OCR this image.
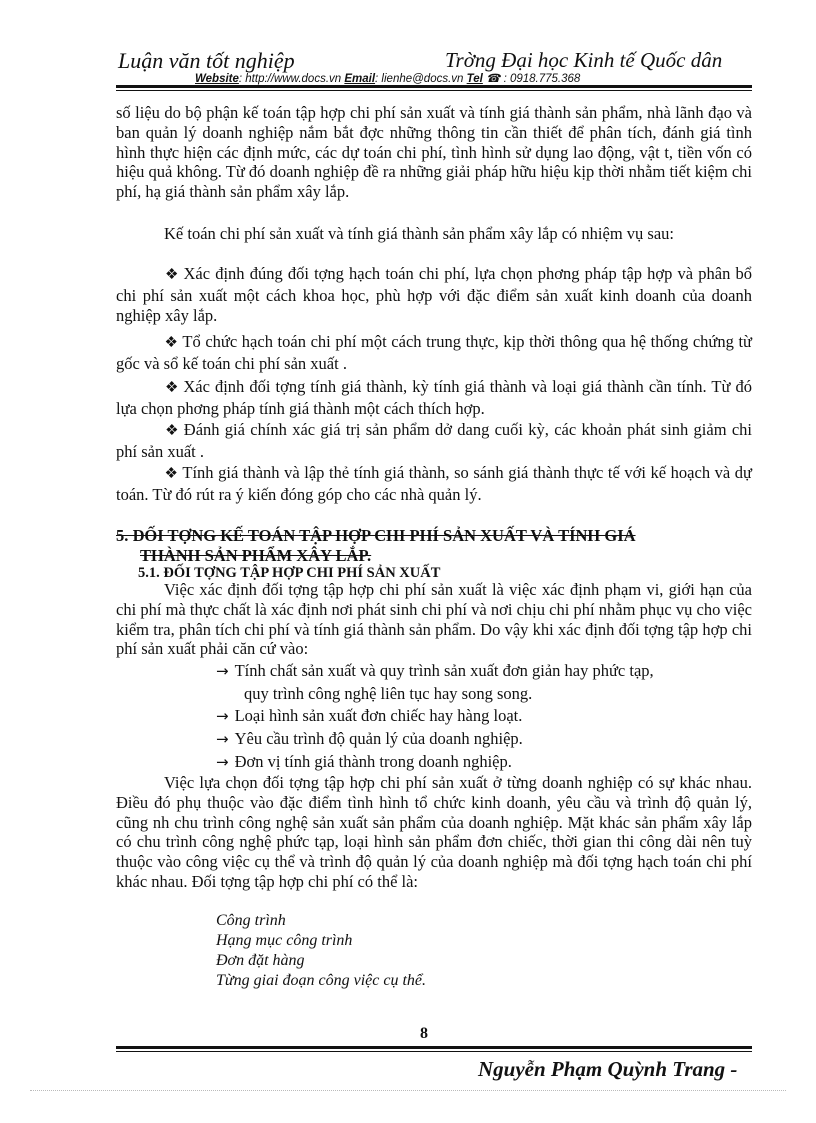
Luận văn tốt nghiệp	Trờng Đại học Kinh tế Quốc dân
Website: http://www.docs.vn Email: lienhe@docs.vn Tel ☎ : 0918.775.368

số liệu do bộ phận kế toán tập hợp chi phí sản xuất và tính giá thành sản phẩm, nhà lãnh đạo và ban quản lý doanh nghiệp nắm bắt đợc những thông tin cần thiết để phân tích, đánh giá tình hình thực hiện các định mức, các dự toán chi phí, tình hình sử dụng lao động, vật t, tiền vốn có hiệu quả không. Từ đó doanh nghiệp đề ra những giải pháp hữu hiệu kịp thời nhằm tiết kiệm chi phí, hạ giá thành sản phẩm xây lắp.

Kế toán chi phí sản xuất và tính giá thành sản phẩm xây lắp có nhiệm vụ sau:

❖ Xác định đúng đối tợng hạch toán chi phí, lựa chọn phơng pháp tập hợp và phân bổ chi phí sản xuất một cách khoa học, phù hợp với đặc điểm sản xuất kinh doanh của doanh nghiệp xây lắp.

❖ Tổ chức hạch toán chi phí một cách trung thực, kịp thời thông qua hệ thống chứng từ gốc và sổ kế toán chi phí sản xuất .

❖ Xác định đối tợng tính giá thành, kỳ tính giá thành và loại giá thành cần tính. Từ đó lựa chọn phơng pháp tính giá thành một cách thích hợp.

❖ Đánh giá chính xác giá trị sản phẩm dở dang cuối kỳ, các khoản phát sinh giảm chi phí sản xuất .

❖ Tính giá thành và lập thẻ tính giá thành, so sánh giá thành thực tế với kế hoạch và dự toán. Từ đó rút ra ý kiến đóng góp cho các nhà quản lý.

5. ĐỐI TỢNG KẾ TOÁN TẬP HỢP CHI PHÍ SẢN XUẤT VÀ TÍNH GIÁ
THÀNH SẢN PHẨM XÂY LẮP.
5.1. ĐỐI TỢNG TẬP HỢP CHI PHÍ SẢN XUẤT

Việc xác định đối tợng tập hợp chi phí sản xuất là việc xác định phạm vi, giới hạn của chi phí mà thực chất là xác định nơi phát sinh chi phí và nơi chịu chi phí nhằm phục vụ cho việc kiểm tra, phân tích chi phí và tính giá thành sản phẩm. Do vậy khi xác định đối tợng tập hợp chi phí sản xuất phải căn cứ vào:

→ Tính chất sản xuất và quy trình sản xuất đơn giản hay phức tạp,
quy trình công nghệ liên tục hay song song.
→ Loại hình sản xuất đơn chiếc hay hàng loạt.
→ Yêu cầu trình độ quản lý của doanh nghiệp.
→ Đơn vị tính giá thành trong doanh nghiệp.

Việc lựa chọn đối tợng tập hợp chi phí sản xuất ở từng doanh nghiệp có sự khác nhau. Điều đó phụ thuộc vào đặc điểm tình hình tổ chức kinh doanh, yêu cầu và trình độ quản lý, cũng nh chu trình công nghệ sản xuất sản phẩm của doanh nghiệp. Mặt khác sản phẩm xây lắp có chu trình công nghệ phức tạp, loại hình sản phẩm đơn chiếc, thời gian thi công dài nên tuỳ thuộc vào công việc cụ thể và trình độ quản lý của doanh nghiệp mà đối tợng hạch toán chi phí khác nhau. Đối tợng tập hợp chi phí có thể là:

Công trình
Hạng mục công trình
Đơn đặt hàng
Từng giai đoạn công việc cụ thể.
8
Nguyễn Phạm Quỳnh Trang -
